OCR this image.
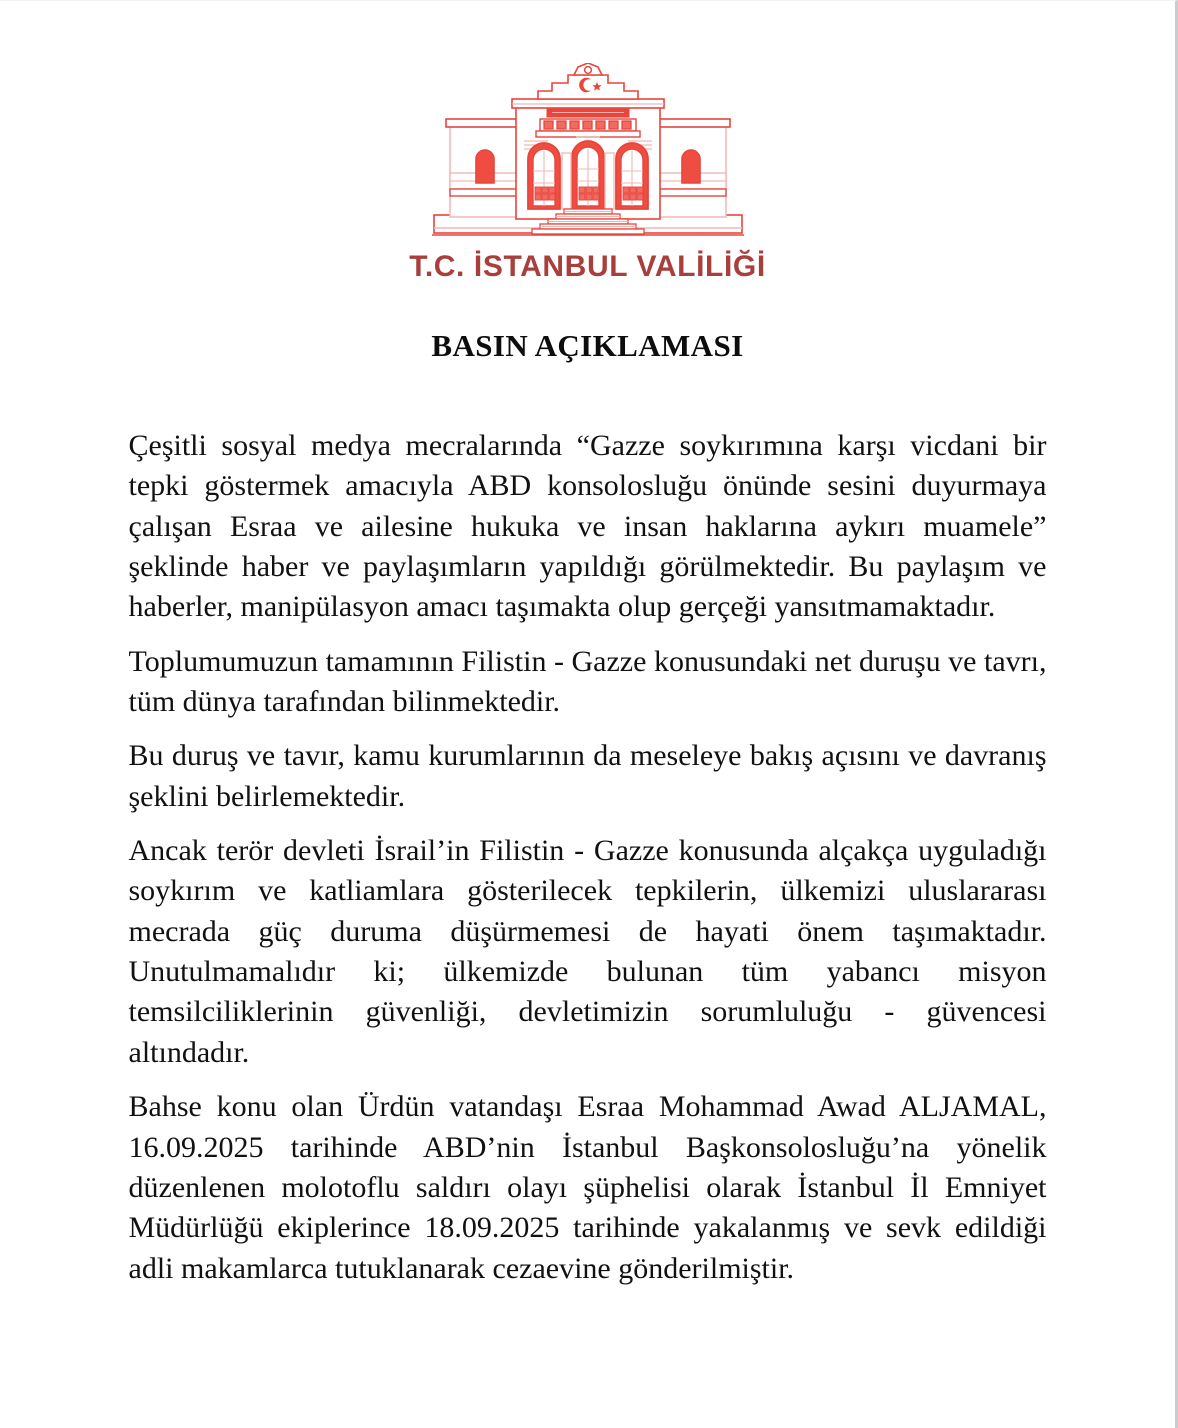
T.C. İSTANBUL VALİLİĞİ
BASIN AÇIKLAMASI

Çeşitli sosyal medya mecralarında “Gazze soykırımına karşı vicdani bir tepki göstermek amacıyla ABD konsolosluğu önünde sesini duyurmaya çalışan Esraa ve ailesine hukuka ve insan haklarına aykırı muamele” şeklinde haber ve paylaşımların yapıldığı görülmektedir. Bu paylaşım ve haberler, manipülasyon amacı taşımakta olup gerçeği yansıtmamaktadır.

Toplumumuzun tamamının Filistin - Gazze konusundaki net duruşu ve tavrı, tüm dünya tarafından bilinmektedir.

Bu duruş ve tavır, kamu kurumlarının da meseleye bakış açısını ve davranış şeklini belirlemektedir.

Ancak terör devleti İsrail’in Filistin - Gazze konusunda alçakça uyguladığı soykırım ve katliamlara gösterilecek tepkilerin, ülkemizi uluslararası mecrada güç duruma düşürmemesi de hayati önem taşımaktadır. Unutulmamalıdır ki; ülkemizde bulunan tüm yabancı misyon temsilciliklerinin güvenliği, devletimizin sorumluluğu - güvencesi altındadır.

Bahse konu olan Ürdün vatandaşı Esraa Mohammad Awad ALJAMAL, 16.09.2025 tarihinde ABD’nin İstanbul Başkonsolosluğu’na yönelik düzenlenen molotoflu saldırı olayı şüphelisi olarak İstanbul İl Emniyet Müdürlüğü ekiplerince 18.09.2025 tarihinde yakalanmış ve sevk edildiği adli makamlarca tutuklanarak cezaevine gönderilmiştir.
